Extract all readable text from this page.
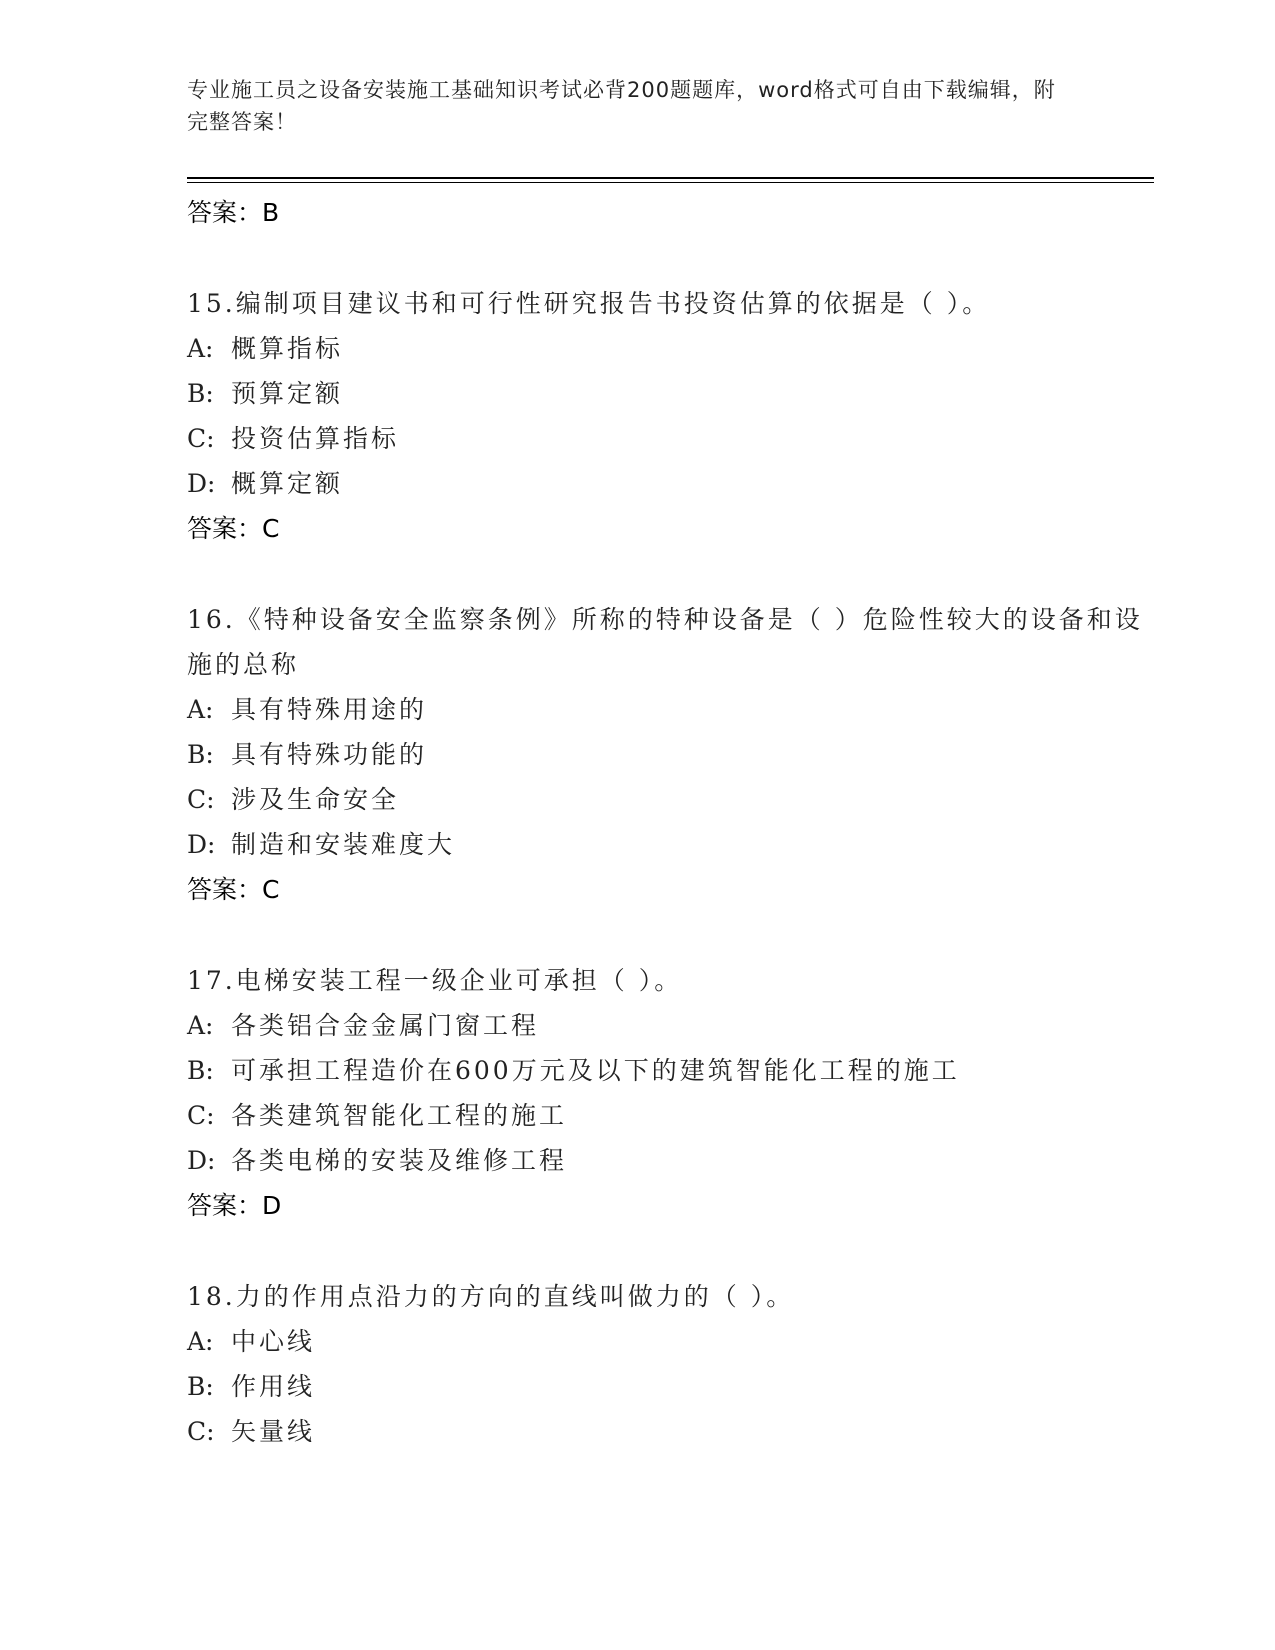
专业施工员之设备安装施工基础知识考试必背200题题库，word格式可自由下载编辑，附完整答案！
答案：B
15.编制项目建议书和可行性研究报告书投资估算的依据是（ ）。
A: 概算指标
B: 预算定额
C: 投资估算指标
D: 概算定额
答案：C
16.《特种设备安全监察条例》所称的特种设备是（ ）危险性较大的设备和设施的总称
A: 具有特殊用途的
B: 具有特殊功能的
C: 涉及生命安全
D: 制造和安装难度大
答案：C
17.电梯安装工程一级企业可承担（ ）。
A: 各类铝合金金属门窗工程
B: 可承担工程造价在600万元及以下的建筑智能化工程的施工
C: 各类建筑智能化工程的施工
D: 各类电梯的安装及维修工程
答案：D
18.力的作用点沿力的方向的直线叫做力的（ ）。
A: 中心线
B: 作用线
C: 矢量线
